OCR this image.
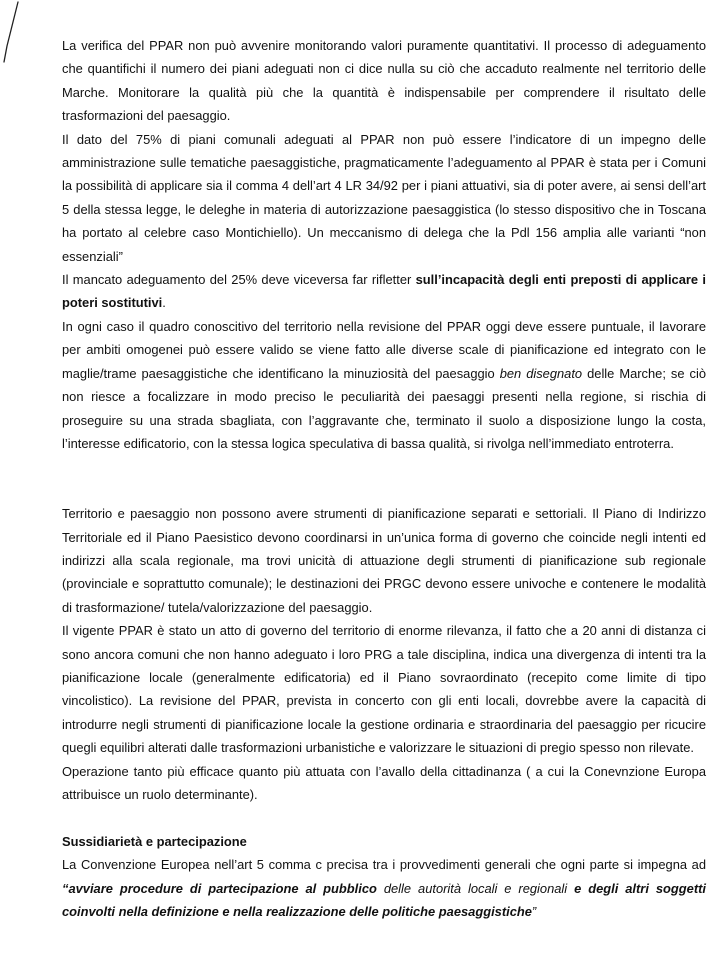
La verifica del PPAR non può avvenire monitorando valori puramente quantitativi. Il processo di adeguamento che quantifichi il numero dei piani adeguati non ci dice nulla su ciò che accaduto realmente nel territorio delle Marche. Monitorare la qualità più che la quantità è indispensabile per comprendere il risultato delle trasformazioni del paesaggio.

Il dato del 75% di piani comunali adeguati al PPAR non può essere l’indicatore di un impegno delle amministrazione sulle tematiche paesaggistiche, pragmaticamente l’adeguamento al PPAR è stata per i Comuni la possibilità di applicare sia il comma 4 dell’art 4 LR 34/92 per i piani attuativi, sia di poter avere, ai sensi dell’art 5 della stessa legge, le deleghe in materia di autorizzazione paesaggistica (lo stesso dispositivo che in Toscana ha portato al celebre caso Montichiello). Un meccanismo di delega che la Pdl 156 amplia alle varianti “non essenziali”

Il mancato adeguamento del 25% deve viceversa far rifletter sull’incapacità degli enti preposti di applicare i poteri sostitutivi.

In ogni caso il quadro conoscitivo del territorio nella revisione del PPAR oggi deve essere puntuale, il lavorare per ambiti omogenei può essere valido se viene fatto alle diverse scale di pianificazione ed integrato con le maglie/trame paesaggistiche che identificano la minuziosità del paesaggio ben disegnato delle Marche; se ciò non riesce a focalizzare in modo preciso le peculiarità dei paesaggi presenti nella regione, si rischia di proseguire su una strada sbagliata, con l’aggravante che, terminato il suolo a disposizione lungo la costa, l’interesse edificatorio, con la stessa logica speculativa di bassa qualità, si rivolga nell’immediato entroterra.

Territorio e paesaggio non possono avere strumenti di pianificazione separati e settoriali. Il Piano di Indirizzo Territoriale ed il Piano Paesistico devono coordinarsi in un’unica forma di governo che coincide negli intenti ed indirizzi alla scala regionale, ma trovi unicità di attuazione degli strumenti di pianificazione sub regionale (provinciale e soprattutto comunale); le destinazioni dei PRGC devono essere univoche e contenere le modalità di trasformazione/ tutela/valorizzazione del paesaggio.

Il vigente PPAR è stato un atto di governo del territorio di enorme rilevanza, il fatto che a 20 anni di distanza ci sono ancora comuni che non hanno adeguato i loro PRG a tale disciplina, indica una divergenza di intenti tra la pianificazione locale (generalmente edificatoria) ed il Piano sovraordinato (recepito come limite di tipo vincolistico). La revisione del PPAR, prevista in concerto con gli enti locali, dovrebbe avere la capacità di introdurre negli strumenti di pianificazione locale la gestione ordinaria e straordinaria del paesaggio per ricucire quegli equilibri alterati dalle trasformazioni urbanistiche e valorizzare le situazioni di pregio spesso non rilevate.

Operazione tanto più efficace quanto più attuata con l’avallo della cittadinanza ( a cui la Conevnzione Europa attribuisce un ruolo determinante).

Sussidiarietà e partecipazione

La Convenzione Europea nell’art 5 comma c precisa tra i provvedimenti generali che ogni parte si impegna ad “avviare procedure di partecipazione al pubblico delle autorità locali e regionali e degli altri soggetti coinvolti nella definizione e nella realizzazione delle politiche paesaggistiche”
